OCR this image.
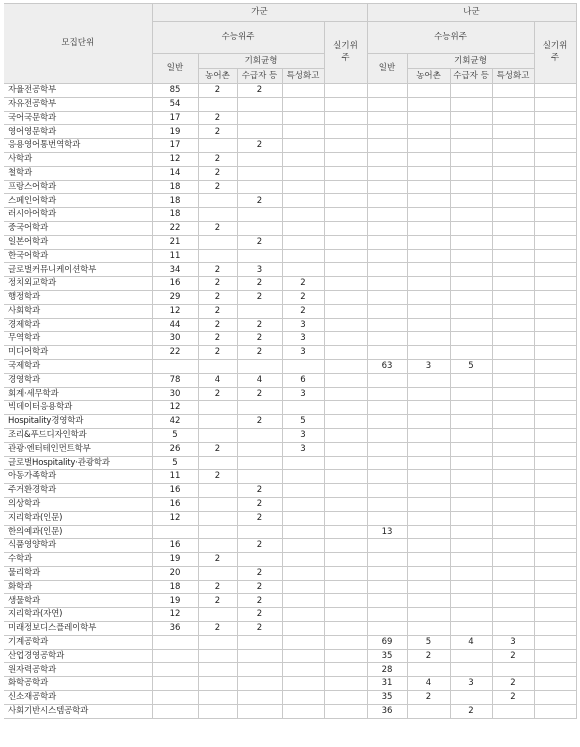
모집단위	가군					나군				
	수능위주				실기위주	수능위주				실기위주
	일반	기회균형				일반	기회균형			
		농어촌	수급자 등	특성화고			농어촌	수급자 등	특성화고	
자율전공학부	85	2	2							
자유전공학부	54									
국어국문학과	17	2								
영어영문학과	19	2								
응용영어통번역학과	17		2							
사학과	12	2								
철학과	14	2								
프랑스어학과	18	2								
스페인어학과	18		2							
러시아어학과	18									
중국어학과	22	2								
일본어학과	21		2							
한국어학과	11									
글로벌커뮤니케이션학부	34	2	3							
정치외교학과	16	2	2	2						
행정학과	29	2	2	2						
사회학과	12	2		2						
경제학과	44	2	2	3						
무역학과	30	2	2	3						
미디어학과	22	2	2	3						
국제학과						63	3	5		
경영학과	78	4	4	6						
회계·세무학과	30	2	2	3						
빅데이터응용학과	12									
Hospitality경영학과	42		2	5						
조리&푸드디자인학과	5			3						
관광·엔터테인먼트학부	26	2		3						
글로벌Hospitality·관광학과	5									
아동가족학과	11	2								
주거환경학과	16		2							
의상학과	16		2							
지리학과(인문)	12		2							
한의예과(인문)						13				
식품영양학과	16		2							
수학과	19	2								
물리학과	20		2							
화학과	18	2	2							
생물학과	19	2	2							
지리학과(자연)	12		2							
미래정보디스플레이학부	36	2	2							
기계공학과						69	5	4	3	
산업경영공학과						35	2		2	
원자력공학과						28				
화학공학과						31	4	3	2	
신소재공학과						35	2		2	
사회기반시스템공학과						36		2		
